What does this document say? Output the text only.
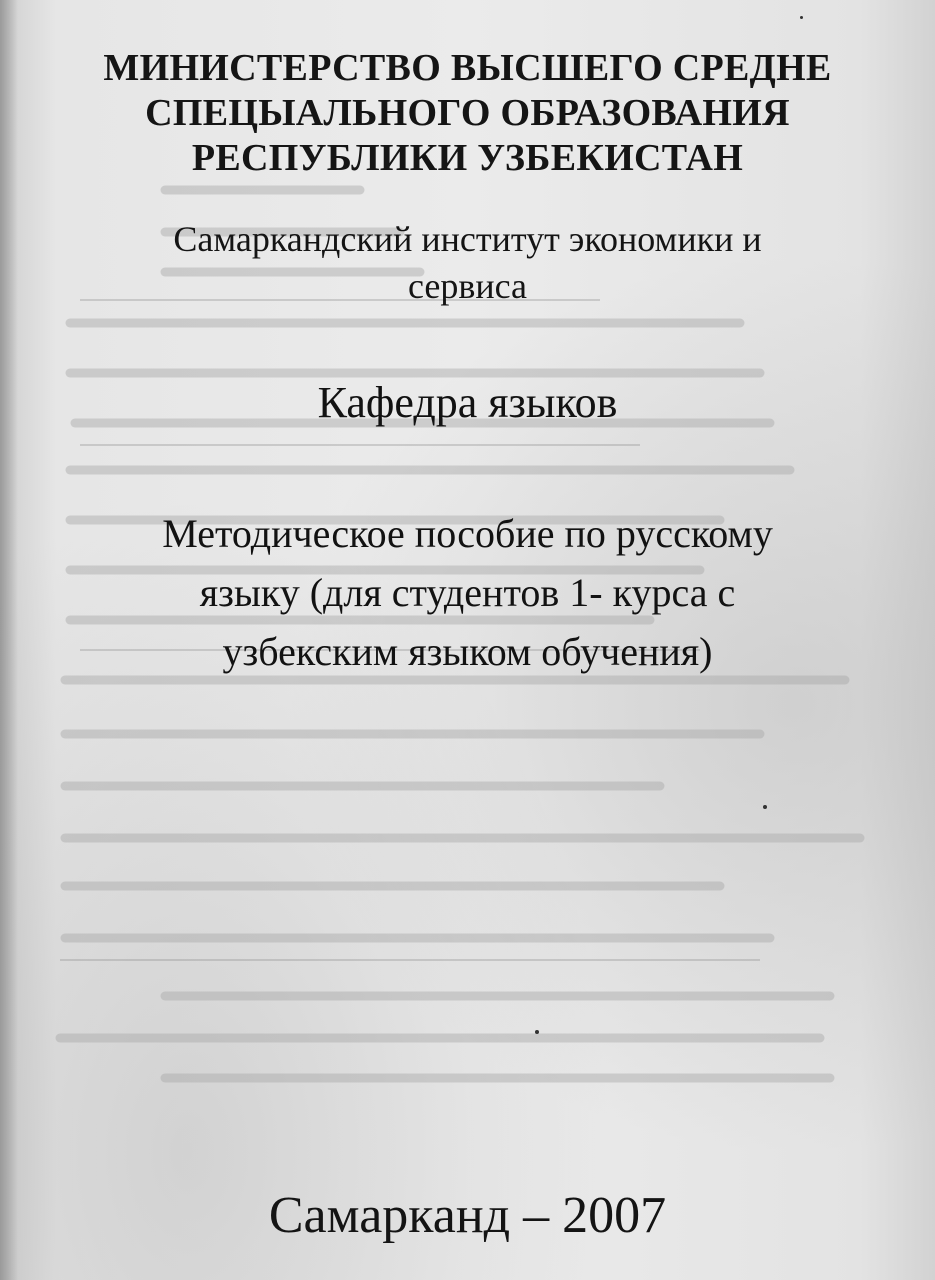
МИНИСТЕРСТВО ВЫСШЕГО СРЕДНЕ
СПЕЦЫАЛЬНОГО ОБРАЗОВАНИЯ
РЕСПУБЛИКИ УЗБЕКИСТАН
Самаркандский институт экономики и
сервиса
Кафедра языков
Методическое пособие по русскому
языку (для студентов 1- курса с
узбекским языком обучения)
Самарканд – 2007
